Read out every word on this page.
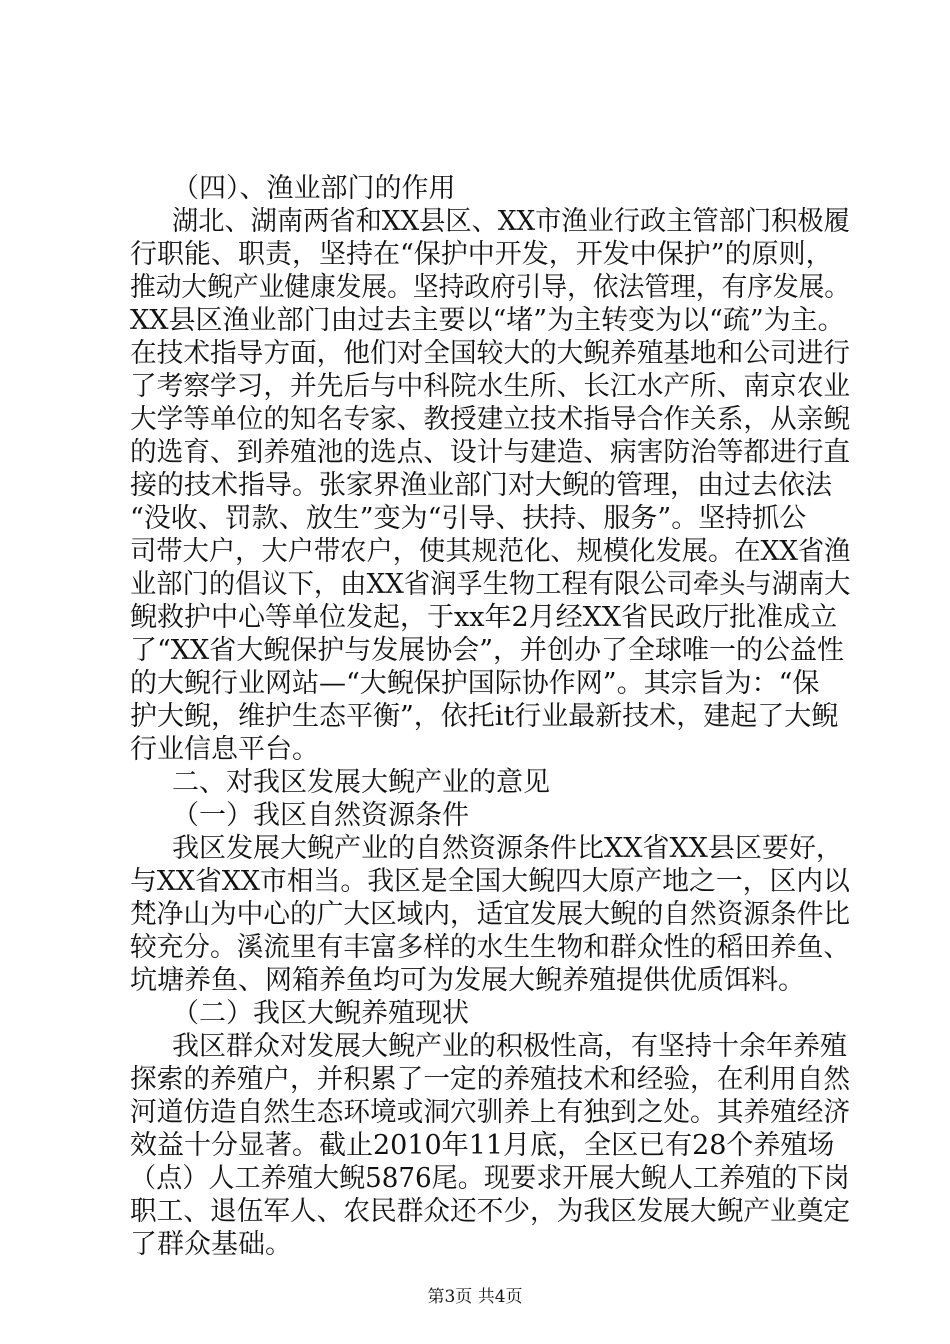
（四）、渔业部门的作用
湖北、湖南两省和XX县区、XX市渔业行政主管部门积极履
行职能、职责，坚持在“保护中开发，开发中保护”的原则，
推动大鲵产业健康发展。坚持政府引导，依法管理，有序发展。
XX县区渔业部门由过去主要以“堵”为主转变为以“疏”为主。
在技术指导方面，他们对全国较大的大鲵养殖基地和公司进行
了考察学习，并先后与中科院水生所、长江水产所、南京农业
大学等单位的知名专家、教授建立技术指导合作关系，从亲鲵
的选育、到养殖池的选点、设计与建造、病害防治等都进行直
接的技术指导。张家界渔业部门对大鲵的管理，由过去依法
“没收、罚款、放生”变为“引导、扶持、服务”。坚持抓公
司带大户，大户带农户，使其规范化、规模化发展。在XX省渔
业部门的倡议下，由XX省润孚生物工程有限公司牵头与湖南大
鲵救护中心等单位发起，于xx年2月经XX省民政厅批准成立
了“XX省大鲵保护与发展协会”，并创办了全球唯一的公益性
的大鲵行业网站—“大鲵保护国际协作网”。其宗旨为：“保
护大鲵，维护生态平衡”，依托it行业最新技术，建起了大鲵
行业信息平台。
二、对我区发展大鲵产业的意见
（一）我区自然资源条件
我区发展大鲵产业的自然资源条件比XX省XX县区要好，
与XX省XX市相当。我区是全国大鲵四大原产地之一，区内以
梵净山为中心的广大区域内，适宜发展大鲵的自然资源条件比
较充分。溪流里有丰富多样的水生生物和群众性的稻田养鱼、
坑塘养鱼、网箱养鱼均可为发展大鲵养殖提供优质饵料。
（二）我区大鲵养殖现状
我区群众对发展大鲵产业的积极性高，有坚持十余年养殖
探索的养殖户，并积累了一定的养殖技术和经验，在利用自然
河道仿造自然生态环境或洞穴驯养上有独到之处。其养殖经济
效益十分显著。截止2010年11月底，全区已有28个养殖场
（点）人工养殖大鲵5876尾。现要求开展大鲵人工养殖的下岗
职工、退伍军人、农民群众还不少，为我区发展大鲵产业奠定
了群众基础。
第3页 共4页
